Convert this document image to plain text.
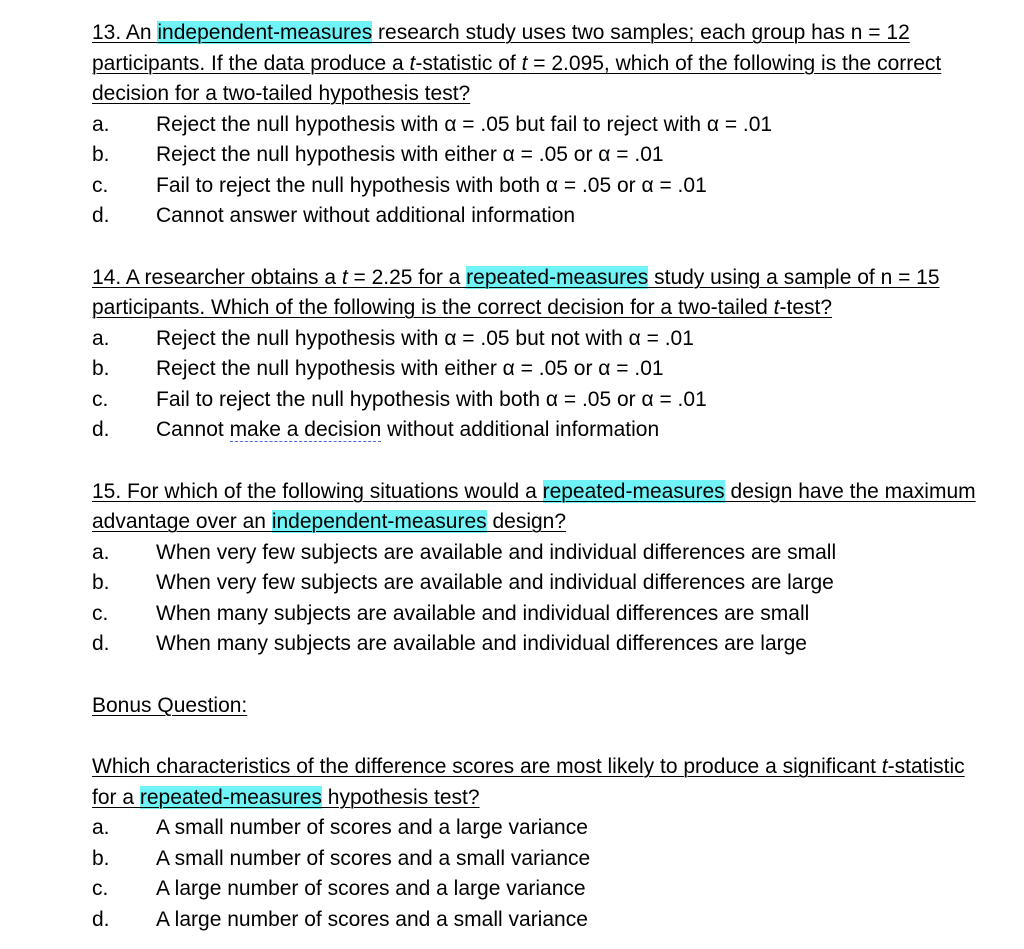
13. An independent-measures research study uses two samples; each group has n = 12 participants. If the data produce a t-statistic of t = 2.095, which of the following is the correct decision for a two-tailed hypothesis test?
a.	Reject the null hypothesis with α = .05 but fail to reject with α = .01
b.	Reject the null hypothesis with either α = .05 or α = .01
c.	Fail to reject the null hypothesis with both α = .05 or α = .01
d.	Cannot answer without additional information
14. A researcher obtains a t = 2.25 for a repeated-measures study using a sample of n = 15 participants. Which of the following is the correct decision for a two-tailed t-test?
a.	Reject the null hypothesis with α = .05 but not with α = .01
b.	Reject the null hypothesis with either α = .05 or α = .01
c.	Fail to reject the null hypothesis with both α = .05 or α = .01
d.	Cannot make a decision without additional information
15. For which of the following situations would a repeated-measures design have the maximum advantage over an independent-measures design?
a.	When very few subjects are available and individual differences are small
b.	When very few subjects are available and individual differences are large
c.	When many subjects are available and individual differences are small
d.	When many subjects are available and individual differences are large
Bonus Question:
Which characteristics of the difference scores are most likely to produce a significant t-statistic for a repeated-measures hypothesis test?
a.	A small number of scores and a large variance
b.	A small number of scores and a small variance
c.	A large number of scores and a large variance
d.	A large number of scores and a small variance
